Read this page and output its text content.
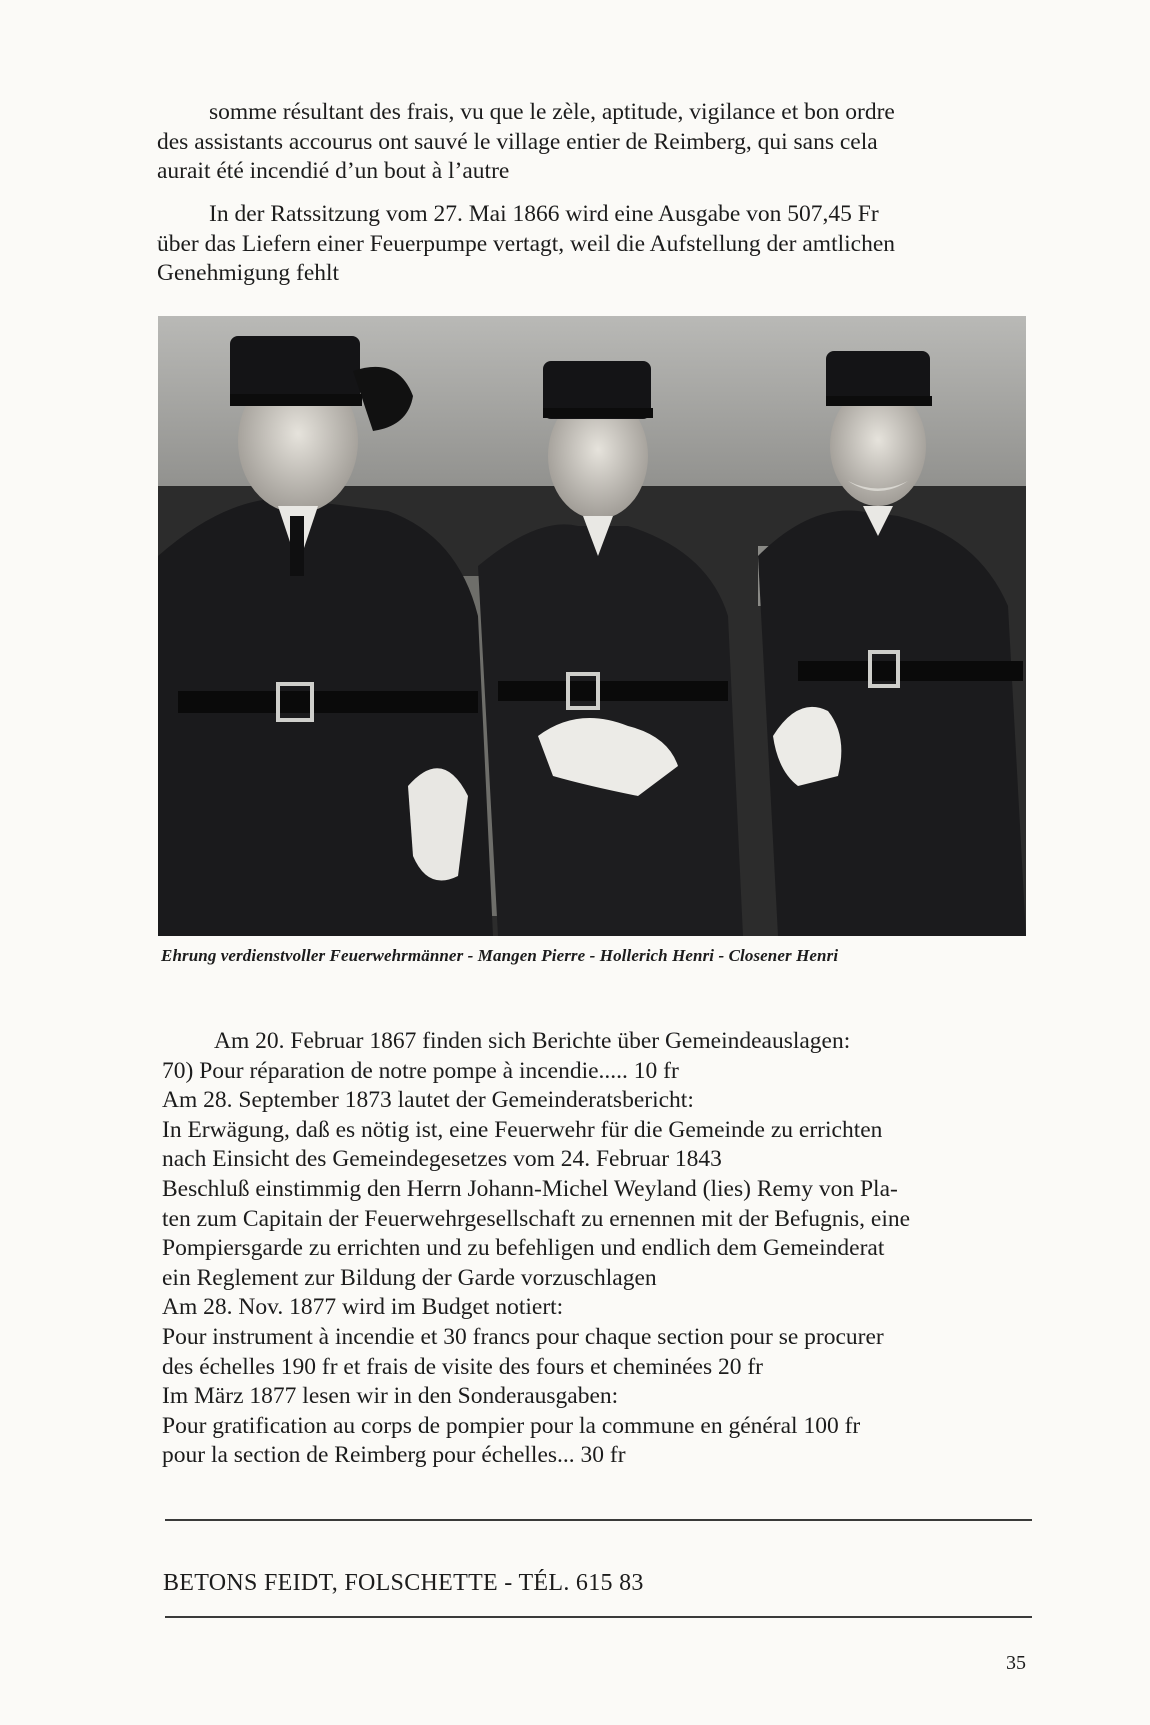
somme résultant des frais, vu que le zèle, aptitude, vigilance et bon ordre
des assistants accourus ont sauvé le village entier de Reimberg, qui sans cela
aurait été incendié d’un bout à l’autre
In der Ratssitzung vom 27. Mai 1866 wird eine Ausgabe von 507,45 Fr
über das Liefern einer Feuerpumpe vertagt, weil die Aufstellung der amtlichen
Genehmigung fehlt
Ehrung verdienstvoller Feuerwehrmänner - Mangen Pierre - Hollerich Henri - Closener Henri
Am 20. Februar 1867 finden sich Berichte über Gemeindeauslagen:
70) Pour réparation de notre pompe à incendie..... 10 fr
Am 28. September 1873 lautet der Gemeinderatsbericht:
In Erwägung, daß es nötig ist, eine Feuerwehr für die Gemeinde zu errichten
nach Einsicht des Gemeindegesetzes vom 24. Februar 1843
Beschluß einstimmig den Herrn Johann-Michel Weyland (lies) Remy von Pla-
ten zum Capitain der Feuerwehrgesellschaft zu ernennen mit der Befugnis, eine
Pompiersgarde zu errichten und zu befehligen und endlich dem Gemeinderat
ein Reglement zur Bildung der Garde vorzuschlagen
Am 28. Nov. 1877 wird im Budget notiert:
Pour instrument à incendie et 30 francs pour chaque section pour se procurer
des échelles 190 fr et frais de visite des fours et cheminées 20 fr
Im März 1877 lesen wir in den Sonderausgaben:
Pour gratification au corps de pompier pour la commune en général 100 fr
pour la section de Reimberg pour échelles... 30 fr
BETONS FEIDT, FOLSCHETTE - TÉL. 615 83
35
